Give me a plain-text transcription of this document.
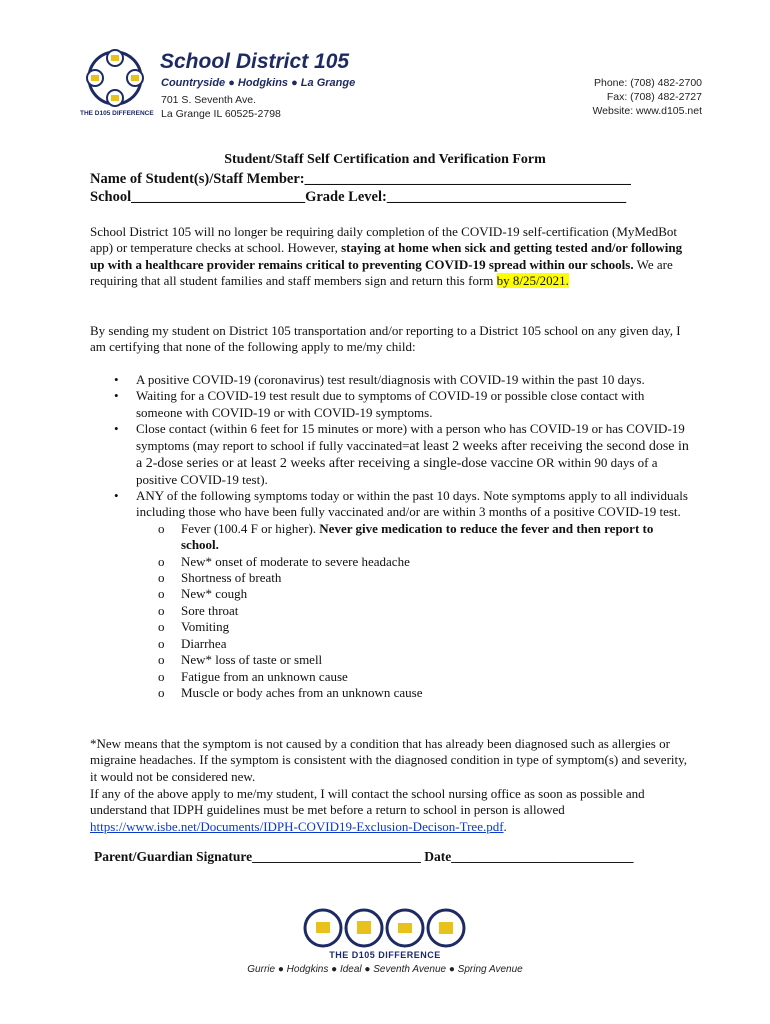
THE D105 DIFFERENCE
School District 105
Countryside ● Hodgkins ● La Grange
701 S. Seventh Ave.
La Grange IL 60525-2798
Phone: (708) 482-2700
Fax: (708) 482-2727
Website: www.d105.net
Student/Staff Self Certification and Verification Form
Name of Student(s)/Staff Member:_____________________________________________
School________________________Grade Level:_________________________________
School District 105 will no longer be requiring daily completion of the COVID-19 self-certification (MyMedBot app) or temperature checks at school. However, staying at home when sick and getting tested and/or following up with a healthcare provider remains critical to preventing COVID-19 spread within our schools. We are requiring that all student families and staff members sign and return this form by 8/25/2021.
By sending my student on District 105 transportation and/or reporting to a District 105 school on any given day, I am certifying that none of the following apply to me/my child:
• A positive COVID-19 (coronavirus) test result/diagnosis with COVID-19 within the past 10 days.
• Waiting for a COVID-19 test result due to symptoms of COVID-19 or possible close contact with someone with COVID-19 or with COVID-19 symptoms.
• Close contact (within 6 feet for 15 minutes or more) with a person who has COVID-19 or has COVID-19 symptoms (may report to school if fully vaccinated=at least 2 weeks after receiving the second dose in a 2-dose series or at least 2 weeks after receiving a single-dose vaccine OR within 90 days of a positive COVID-19 test).
• ANY of the following symptoms today or within the past 10 days. Note symptoms apply to all individuals including those who have been fully vaccinated and/or are within 3 months of a positive COVID-19 test.
o Fever (100.4 F or higher). Never give medication to reduce the fever and then report to school.
o New* onset of moderate to severe headache
o Shortness of breath
o New* cough
o Sore throat
o Vomiting
o Diarrhea
o New* loss of taste or smell
o Fatigue from an unknown cause
o Muscle or body aches from an unknown cause
*New means that the symptom is not caused by a condition that has already been diagnosed such as allergies or migraine headaches. If the symptom is consistent with the diagnosed condition in type of symptom(s) and severity, it would not be considered new.
If any of the above apply to me/my student, I will contact the school nursing office as soon as possible and understand that IDPH guidelines must be met before a return to school in person is allowed https://www.isbe.net/Documents/IDPH-COVID19-Exclusion-Decison-Tree.pdf.
Parent/Guardian Signature_________________________ Date___________________________
THE D105 DIFFERENCE
Gurrie ● Hodgkins ● Ideal ● Seventh Avenue ● Spring Avenue
